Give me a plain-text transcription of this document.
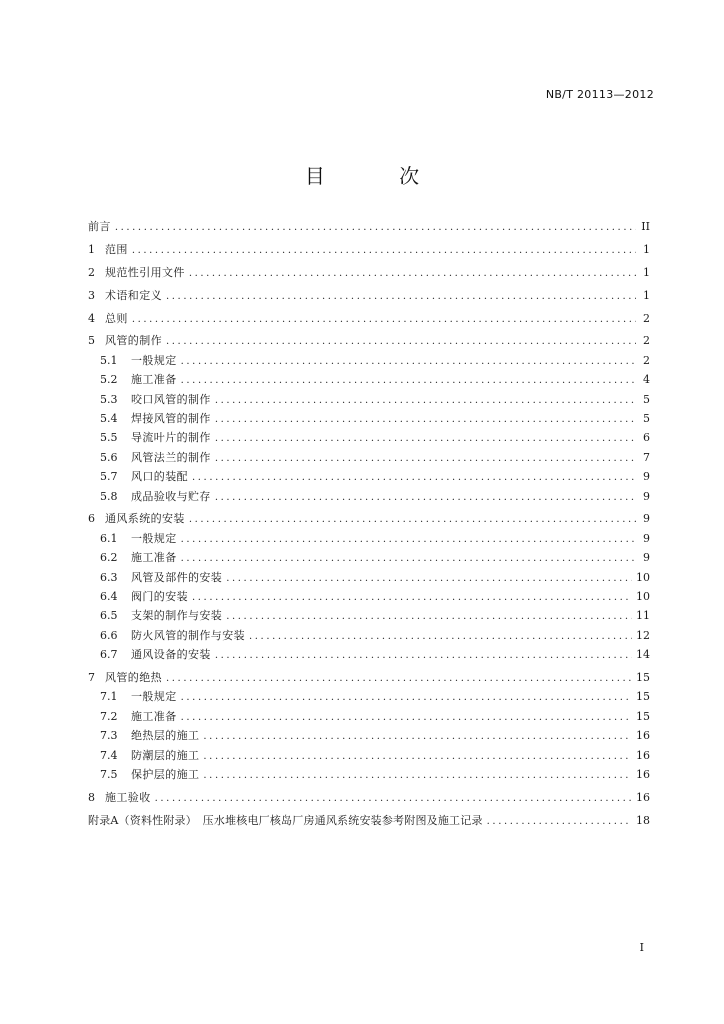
NB/T 20113—2012
目 次
前言 .....	II
1 范围 .....	1
2 规范性引用文件 .....	1
3 术语和定义 .....	1
4 总则 .....	2
5 风管的制作 .....	2
5.1	一般规定 .....	2
5.2	施工准备 .....	4
5.3	咬口风管的制作 .....	5
5.4	焊接风管的制作 .....	5
5.5	导流叶片的制作 .....	6
5.6	风管法兰的制作 .....	7
5.7	风口的装配 .....	9
5.8	成品验收与贮存 .....	9
6 通风系统的安装 .....	9
6.1	一般规定 .....	9
6.2	施工准备 .....	9
6.3	风管及部件的安装 .....	10
6.4	阀门的安装 .....	10
6.5	支架的制作与安装 .....	11
6.6	防火风管的制作与安装 .....	12
6.7	通风设备的安装 .....	14
7 风管的绝热 .....	15
7.1	一般规定 .....	15
7.2	施工准备 .....	15
7.3	绝热层的施工 .....	16
7.4	防潮层的施工 .....	16
7.5	保护层的施工 .....	16
8 施工验收 .....	16
附录A（资料性附录）　压水堆核电厂核岛厂房通风系统安装参考附图及施工记录 .....	18
I
